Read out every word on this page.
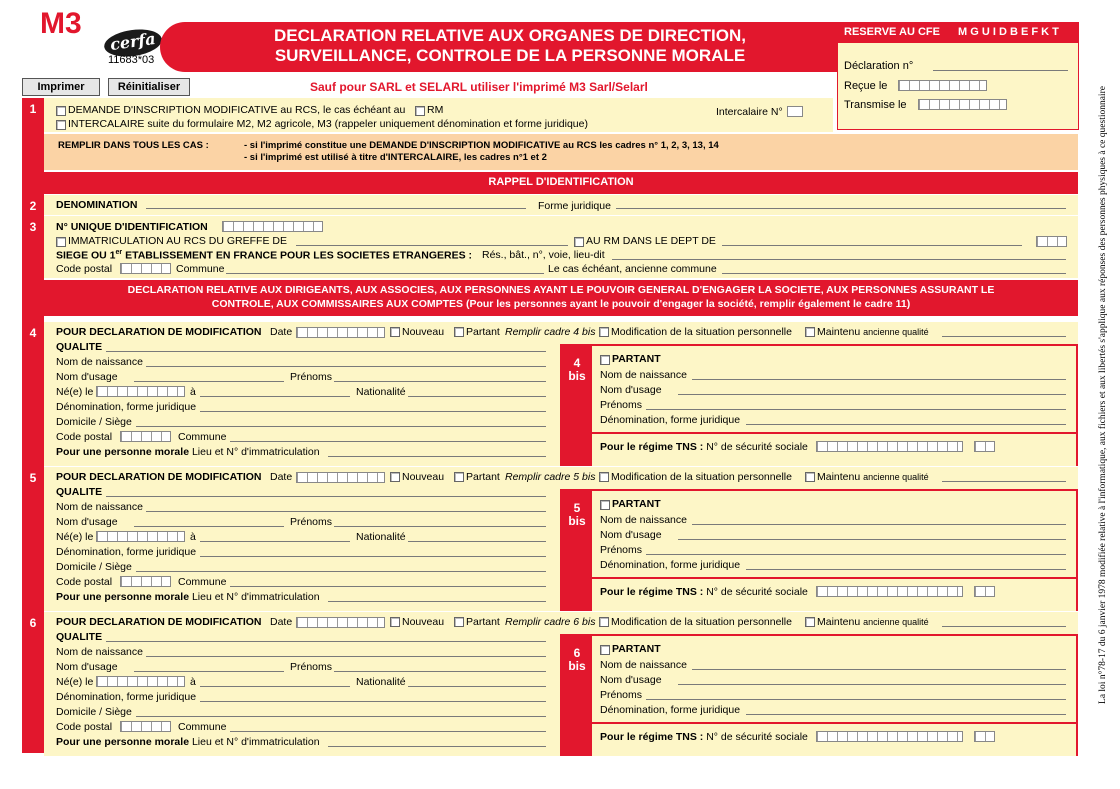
M3
cerfa
11683*03
DECLARATION RELATIVE AUX ORGANES DE DIRECTION,
SURVEILLANCE, CONTROLE DE LA PERSONNE MORALE
RESERVE AU CFE M G U I D B E F K T
Déclaration n°
Reçue le
Transmise le
Imprimer	Réinitialiser	Sauf pour SARL et SELARL utiliser l'imprimé M3 Sarl/Selarl
1	DEMANDE D'INSCRIPTION MODIFICATIVE au RCS, le cas échéant au RM	Intercalaire N°
INTERCALAIRE suite du formulaire M2, M2 agricole, M3 (rappeler uniquement dénomination et forme juridique)
REMPLIR DANS TOUS LES CAS :	- si l'imprimé constitue une DEMANDE D'INSCRIPTION MODIFICATIVE au RCS les cadres n° 1, 2, 3, 13, 14
- si l'imprimé est utilisé à titre d'INTERCALAIRE, les cadres n°1 et 2
RAPPEL D'IDENTIFICATION
2	DENOMINATION	Forme juridique
3	N° UNIQUE D'IDENTIFICATION
IMMATRICULATION AU RCS DU GREFFE DE	AU RM DANS LE DEPT DE
SIEGE OU 1er ETABLISSEMENT EN FRANCE POUR LES SOCIETES ETRANGERES : Rés., bât., n°, voie, lieu-dit
Code postal	Commune	Le cas échéant, ancienne commune
DECLARATION RELATIVE AUX DIRIGEANTS, AUX ASSOCIES, AUX PERSONNES AYANT LE POUVOIR GENERAL D'ENGAGER LA SOCIETE, AUX PERSONNES ASSURANT LE
CONTROLE, AUX COMMISSAIRES AUX COMPTES (Pour les personnes ayant le pouvoir d'engager la société, remplir également le cadre 11)
4	POUR DECLARATION DE MODIFICATION Date	Nouveau Partant Remplir cadre 4 bis Modification de la situation personnelle Maintenu ancienne qualité
QUALITE
Nom de naissance
Nom d'usage	Prénoms
Né(e) le	à	Nationalité
Dénomination, forme juridique
Domicile / Siège
Code postal	Commune
Pour une personne morale Lieu et N° d'immatriculation
4
bis
PARTANT
Nom de naissance
Nom d'usage
Prénoms
Dénomination, forme juridique
Pour le régime TNS : N° de sécurité sociale
5	POUR DECLARATION DE MODIFICATION Date	Nouveau Partant Remplir cadre 5 bis Modification de la situation personnelle Maintenu ancienne qualité
QUALITE
Nom de naissance
Nom d'usage	Prénoms
Né(e) le	à	Nationalité
Dénomination, forme juridique
Domicile / Siège
Code postal	Commune
Pour une personne morale Lieu et N° d'immatriculation
5
bis
PARTANT
Nom de naissance
Nom d'usage
Prénoms
Dénomination, forme juridique
Pour le régime TNS : N° de sécurité sociale
6	POUR DECLARATION DE MODIFICATION Date	Nouveau Partant Remplir cadre 6 bis Modification de la situation personnelle Maintenu ancienne qualité
QUALITE
Nom de naissance
Nom d'usage	Prénoms
Né(e) le	à	Nationalité
Dénomination, forme juridique
Domicile / Siège
Code postal	Commune
Pour une personne morale Lieu et N° d'immatriculation
6
bis
PARTANT
Nom de naissance
Nom d'usage
Prénoms
Dénomination, forme juridique
Pour le régime TNS : N° de sécurité sociale
La loi n°78-17 du 6 janvier 1978 modifiée relative à l'informatique, aux fichiers et aux libertés s'applique aux réponses des personnes physiques à ce questionnaire
